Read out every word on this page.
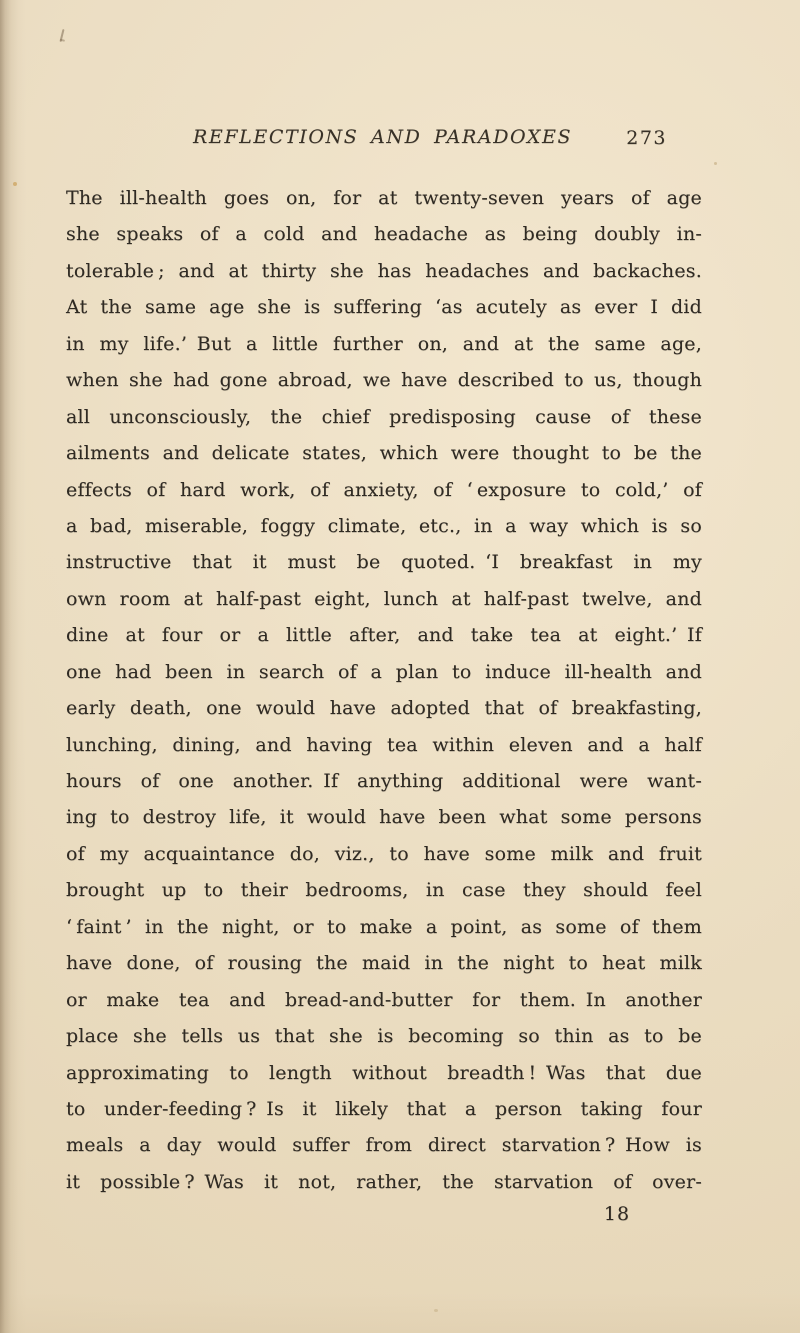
REFLECTIONS AND PARADOXES	273
The ill-health goes on, for at twenty-seven years of age
she speaks of a cold and headache as being doubly in-
tolerable ; and at thirty she has headaches and backaches.
At the same age she is suffering ‘as acutely as ever I did
in my life.’ But a little further on, and at the same age,
when she had gone abroad, we have described to us, though
all unconsciously, the chief predisposing cause of these
ailments and delicate states, which were thought to be the
effects of hard work, of anxiety, of ‘ exposure to cold,’ of
a bad, miserable, foggy climate, etc., in a way which is so
instructive that it must be quoted. ‘I breakfast in my
own room at half-past eight, lunch at half-past twelve, and
dine at four or a little after, and take tea at eight.’ If
one had been in search of a plan to induce ill-health and
early death, one would have adopted that of breakfasting,
lunching, dining, and having tea within eleven and a half
hours of one another. If anything additional were want-
ing to destroy life, it would have been what some persons
of my acquaintance do, viz., to have some milk and fruit
brought up to their bedrooms, in case they should feel
‘ faint ’ in the night, or to make a point, as some of them
have done, of rousing the maid in the night to heat milk
or make tea and bread-and-butter for them. In another
place she tells us that she is becoming so thin as to be
approximating to length without breadth ! Was that due
to under-feeding ? Is it likely that a person taking four
meals a day would suffer from direct starvation ? How is
it possible ? Was it not, rather, the starvation of over-
18
